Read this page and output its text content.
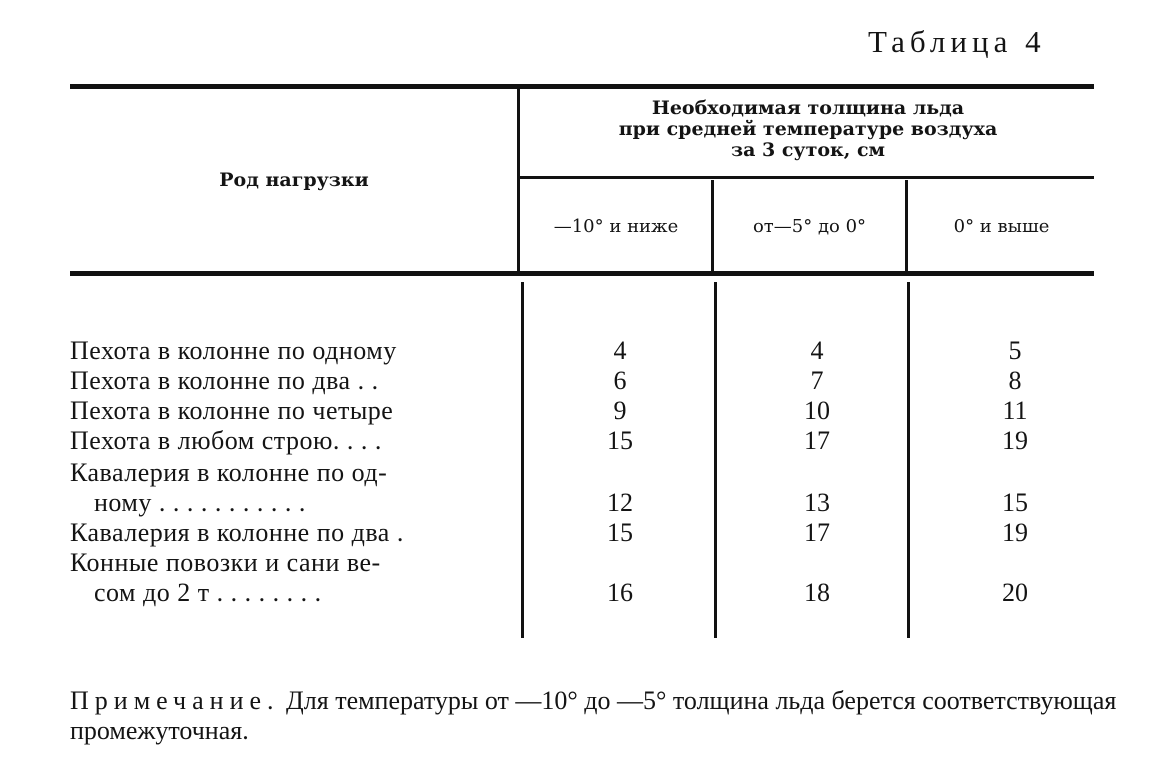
Таблица 4
Род нагрузки
Необходимая толщина льда
при средней температуре воздуха
за 3 суток, см
—10° и ниже	от—5° до 0°	0° и выше
Пехота в колонне по одному	4	4	5
Пехота в колонне по два . .	6	7	8
Пехота в колонне по четыре	9	10	11
Пехота в любом строю. . . .	15	17	19
Кавалерия в колонне по од-
ному . . . . . . . . . . .	12	13	15
Кавалерия в колонне по два .	15	17	19
Конные повозки и сани ве-
сом до 2 т . . . . . . . .	16	18	20
Примечание. Для температуры от —10° до —5° толщина льда берется соответствующая промежуточная.
